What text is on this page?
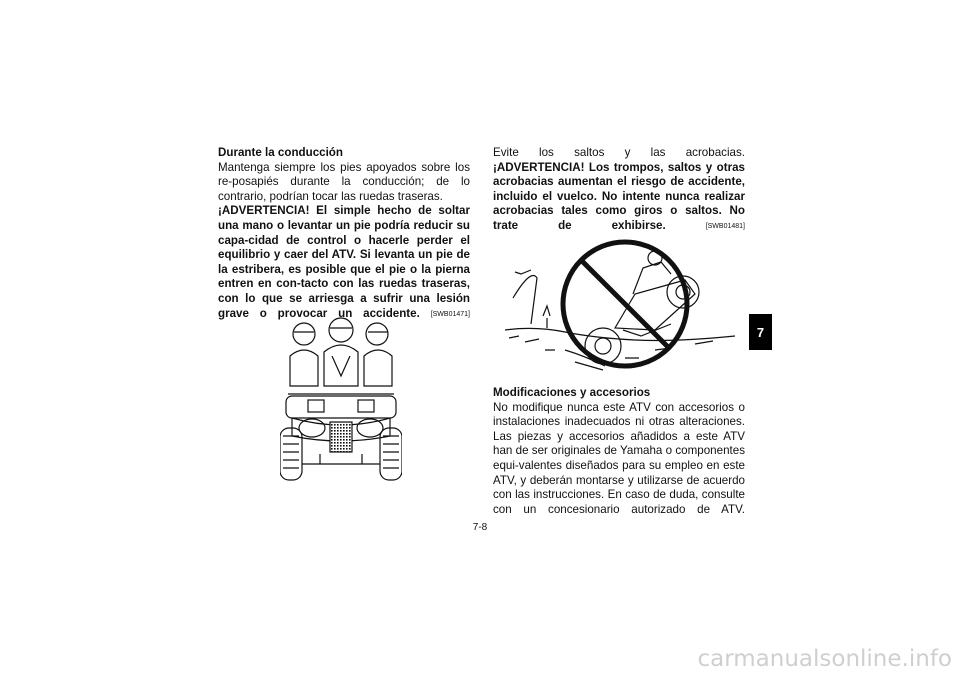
Durante la conducción

Mantenga siempre los pies apoyados sobre los re-posapiés durante la conducción; de lo contrario, podrían tocar las ruedas traseras.

¡ADVERTENCIA! El simple hecho de soltar una mano o levantar un pie podría reducir su capa-cidad de control o hacerle perder el equilibrio y caer del ATV. Si levanta un pie de la estribera, es posible que el pie o la pierna entren en con-tacto con las ruedas traseras, con lo que se arriesga a sufrir una lesión grave o provocar un accidente. [SWB01471]

Evite los saltos y las acrobacias.

¡ADVERTENCIA! Los trompos, saltos y otras acrobacias aumentan el riesgo de accidente, incluido el vuelco. No intente nunca realizar acrobacias tales como giros o saltos. No trate de exhibirse.	[SWB01481]

Modificaciones y accesorios

No modifique nunca este ATV con accesorios o instalaciones inadecuados ni otras alteraciones. Las piezas y accesorios añadidos a este ATV han de ser originales de Yamaha o componentes equi-valentes diseñados para su empleo en este ATV, y deberán montarse y utilizarse de acuerdo con las instrucciones. En caso de duda, consulte con un concesionario autorizado de ATV.

7-8
7
carmanualsonline.info
